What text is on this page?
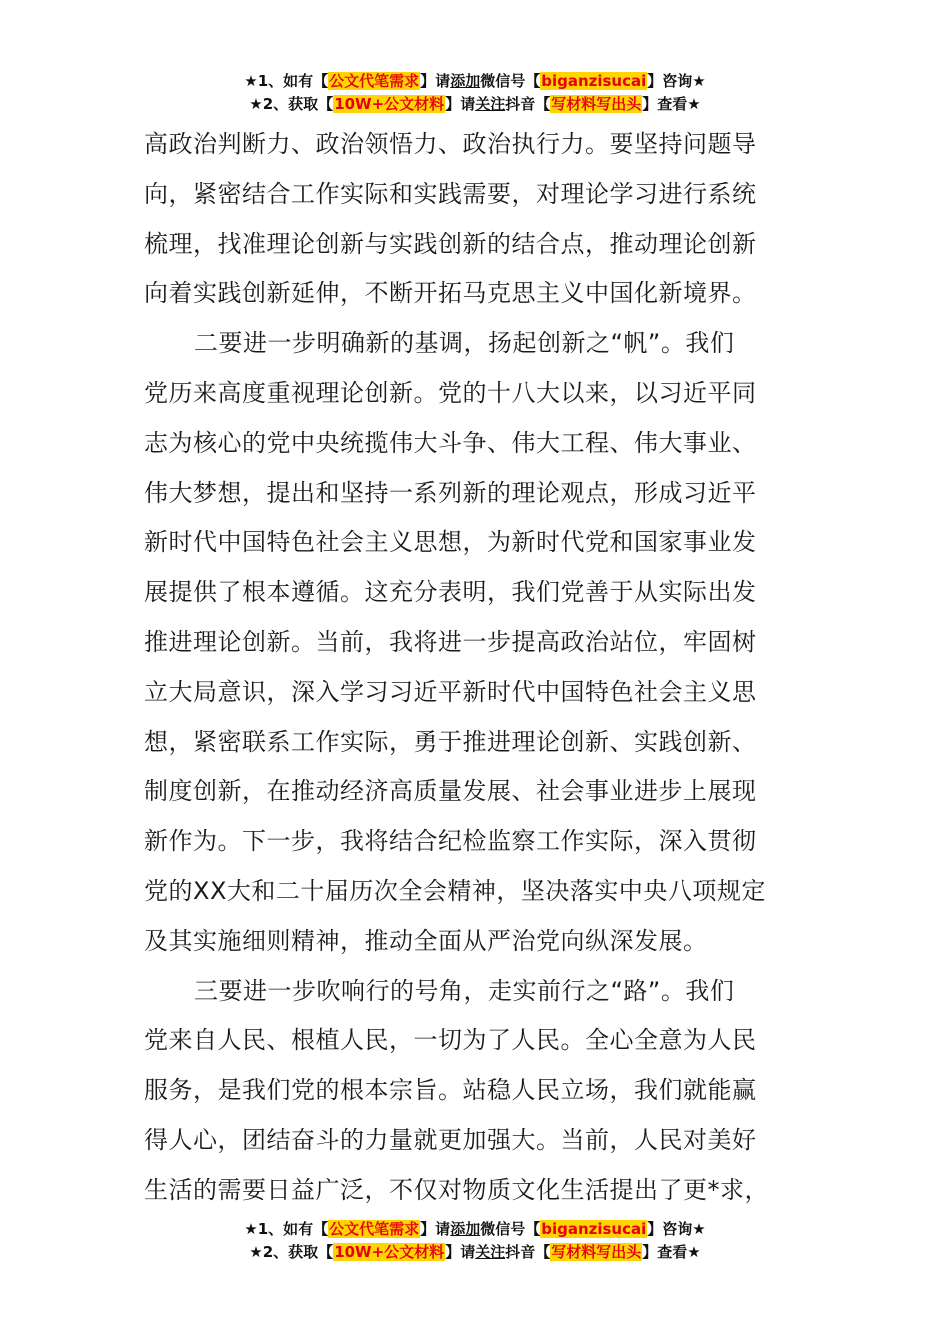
★1、如有【公文代笔需求】请添加微信号【biganzisucai】咨询★
★2、获取【10W+公文材料】请关注抖音【写材料写出头】查看★
高政治判断力、政治领悟力、政治执行力。要坚持问题导
向，紧密结合工作实际和实践需要，对理论学习进行系统
梳理，找准理论创新与实践创新的结合点，推动理论创新
向着实践创新延伸，不断开拓马克思主义中国化新境界。
二要进一步明确新的基调，扬起创新之“帆”。我们
党历来高度重视理论创新。党的十八大以来，以习近平同
志为核心的党中央统揽伟大斗争、伟大工程、伟大事业、
伟大梦想，提出和坚持一系列新的理论观点，形成习近平
新时代中国特色社会主义思想，为新时代党和国家事业发
展提供了根本遵循。这充分表明，我们党善于从实际出发
推进理论创新。当前，我将进一步提高政治站位，牢固树
立大局意识，深入学习习近平新时代中国特色社会主义思
想，紧密联系工作实际，勇于推进理论创新、实践创新、
制度创新，在推动经济高质量发展、社会事业进步上展现
新作为。下一步，我将结合纪检监察工作实际，深入贯彻
党的XX大和二十届历次全会精神，坚决落实中央八项规定
及其实施细则精神，推动全面从严治党向纵深发展。
三要进一步吹响行的号角，走实前行之“路”。我们
党来自人民、根植人民，一切为了人民。全心全意为人民
服务，是我们党的根本宗旨。站稳人民立场，我们就能赢
得人心，团结奋斗的力量就更加强大。当前，人民对美好
生活的需要日益广泛，不仅对物质文化生活提出了更*求，
★1、如有【公文代笔需求】请添加微信号【biganzisucai】咨询★
★2、获取【10W+公文材料】请关注抖音【写材料写出头】查看★
